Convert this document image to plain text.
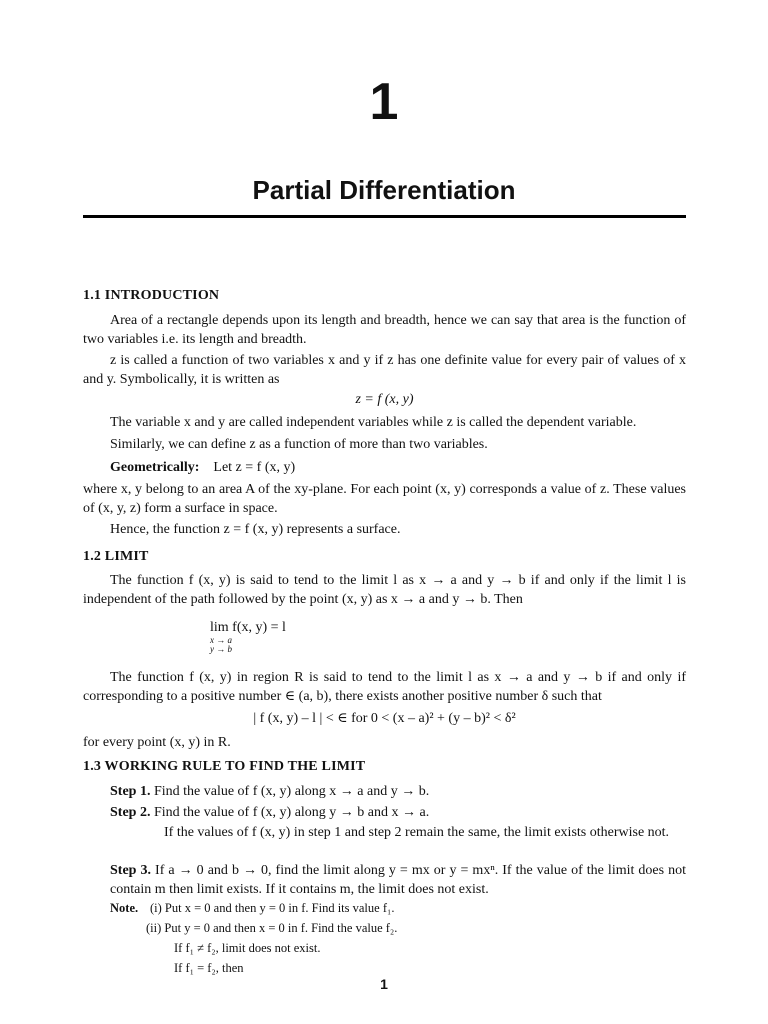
1
Partial Differentiation
1.1 INTRODUCTION
Area of a rectangle depends upon its length and breadth, hence we can say that area is the function of two variables i.e. its length and breadth.
z is called a function of two variables x and y if z has one definite value for every pair of values of x and y. Symbolically, it is written as
z = f (x, y)
The variable x and y are called independent variables while z is called the dependent variable.
Similarly, we can define z as a function of more than two variables.
Geometrically: Let z = f (x, y)
where x, y belong to an area A of the xy-plane. For each point (x, y) corresponds a value of z. These values of (x, y, z) form a surface in space.
Hence, the function z = f (x, y) represents a surface.
1.2 LIMIT
The function f (x, y) is said to tend to the limit l as x → a and y → b if and only if the limit l is independent of the path followed by the point (x, y) as x → a and y → b. Then
lim f(x, y) = l
x → a
y → b
The function f (x, y) in region R is said to tend to the limit l as x → a and y → b if and only if corresponding to a positive number ∈ (a, b), there exists another positive number δ such that
| f (x, y) – l | < ∈ for 0 < (x – a)² + (y – b)² < δ²
for every point (x, y) in R.
1.3 WORKING RULE TO FIND THE LIMIT
Step 1. Find the value of f (x, y) along x → a and y → b.
Step 2. Find the value of f (x, y) along y → b and x → a.
If the values of f (x, y) in step 1 and step 2 remain the same, the limit exists otherwise not.
Step 3. If a → 0 and b → 0, find the limit along y = mx or y = mxⁿ. If the value of the limit does not contain m then limit exists. If it contains m, the limit does not exist.
Note. (i) Put x = 0 and then y = 0 in f. Find its value f₁.
(ii) Put y = 0 and then x = 0 in f. Find the value f₂.
If f₁ ≠ f₂, limit does not exist.
If f₁ = f₂, then
1
